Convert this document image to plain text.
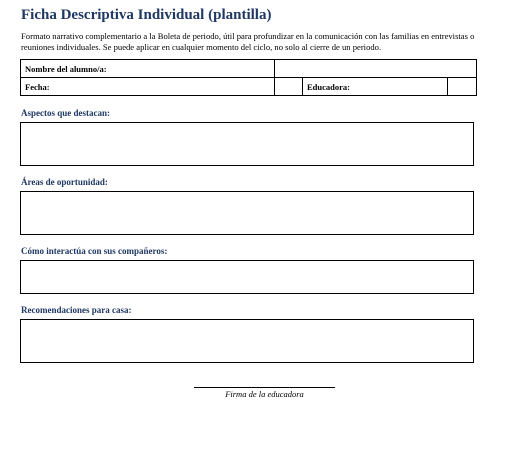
Ficha Descriptiva Individual (plantilla)
Formato narrativo complementario a la Boleta de periodo, útil para profundizar en la comunicación con las familias en entrevistas o reuniones individuales. Se puede aplicar en cualquier momento del ciclo, no solo al cierre de un periodo.
Nombre del alumno/a:			
Fecha:		Educadora:	
Aspectos que destacan:
Áreas de oportunidad:
Cómo interactúa con sus compañeros:
Recomendaciones para casa:
Firma de la educadora
